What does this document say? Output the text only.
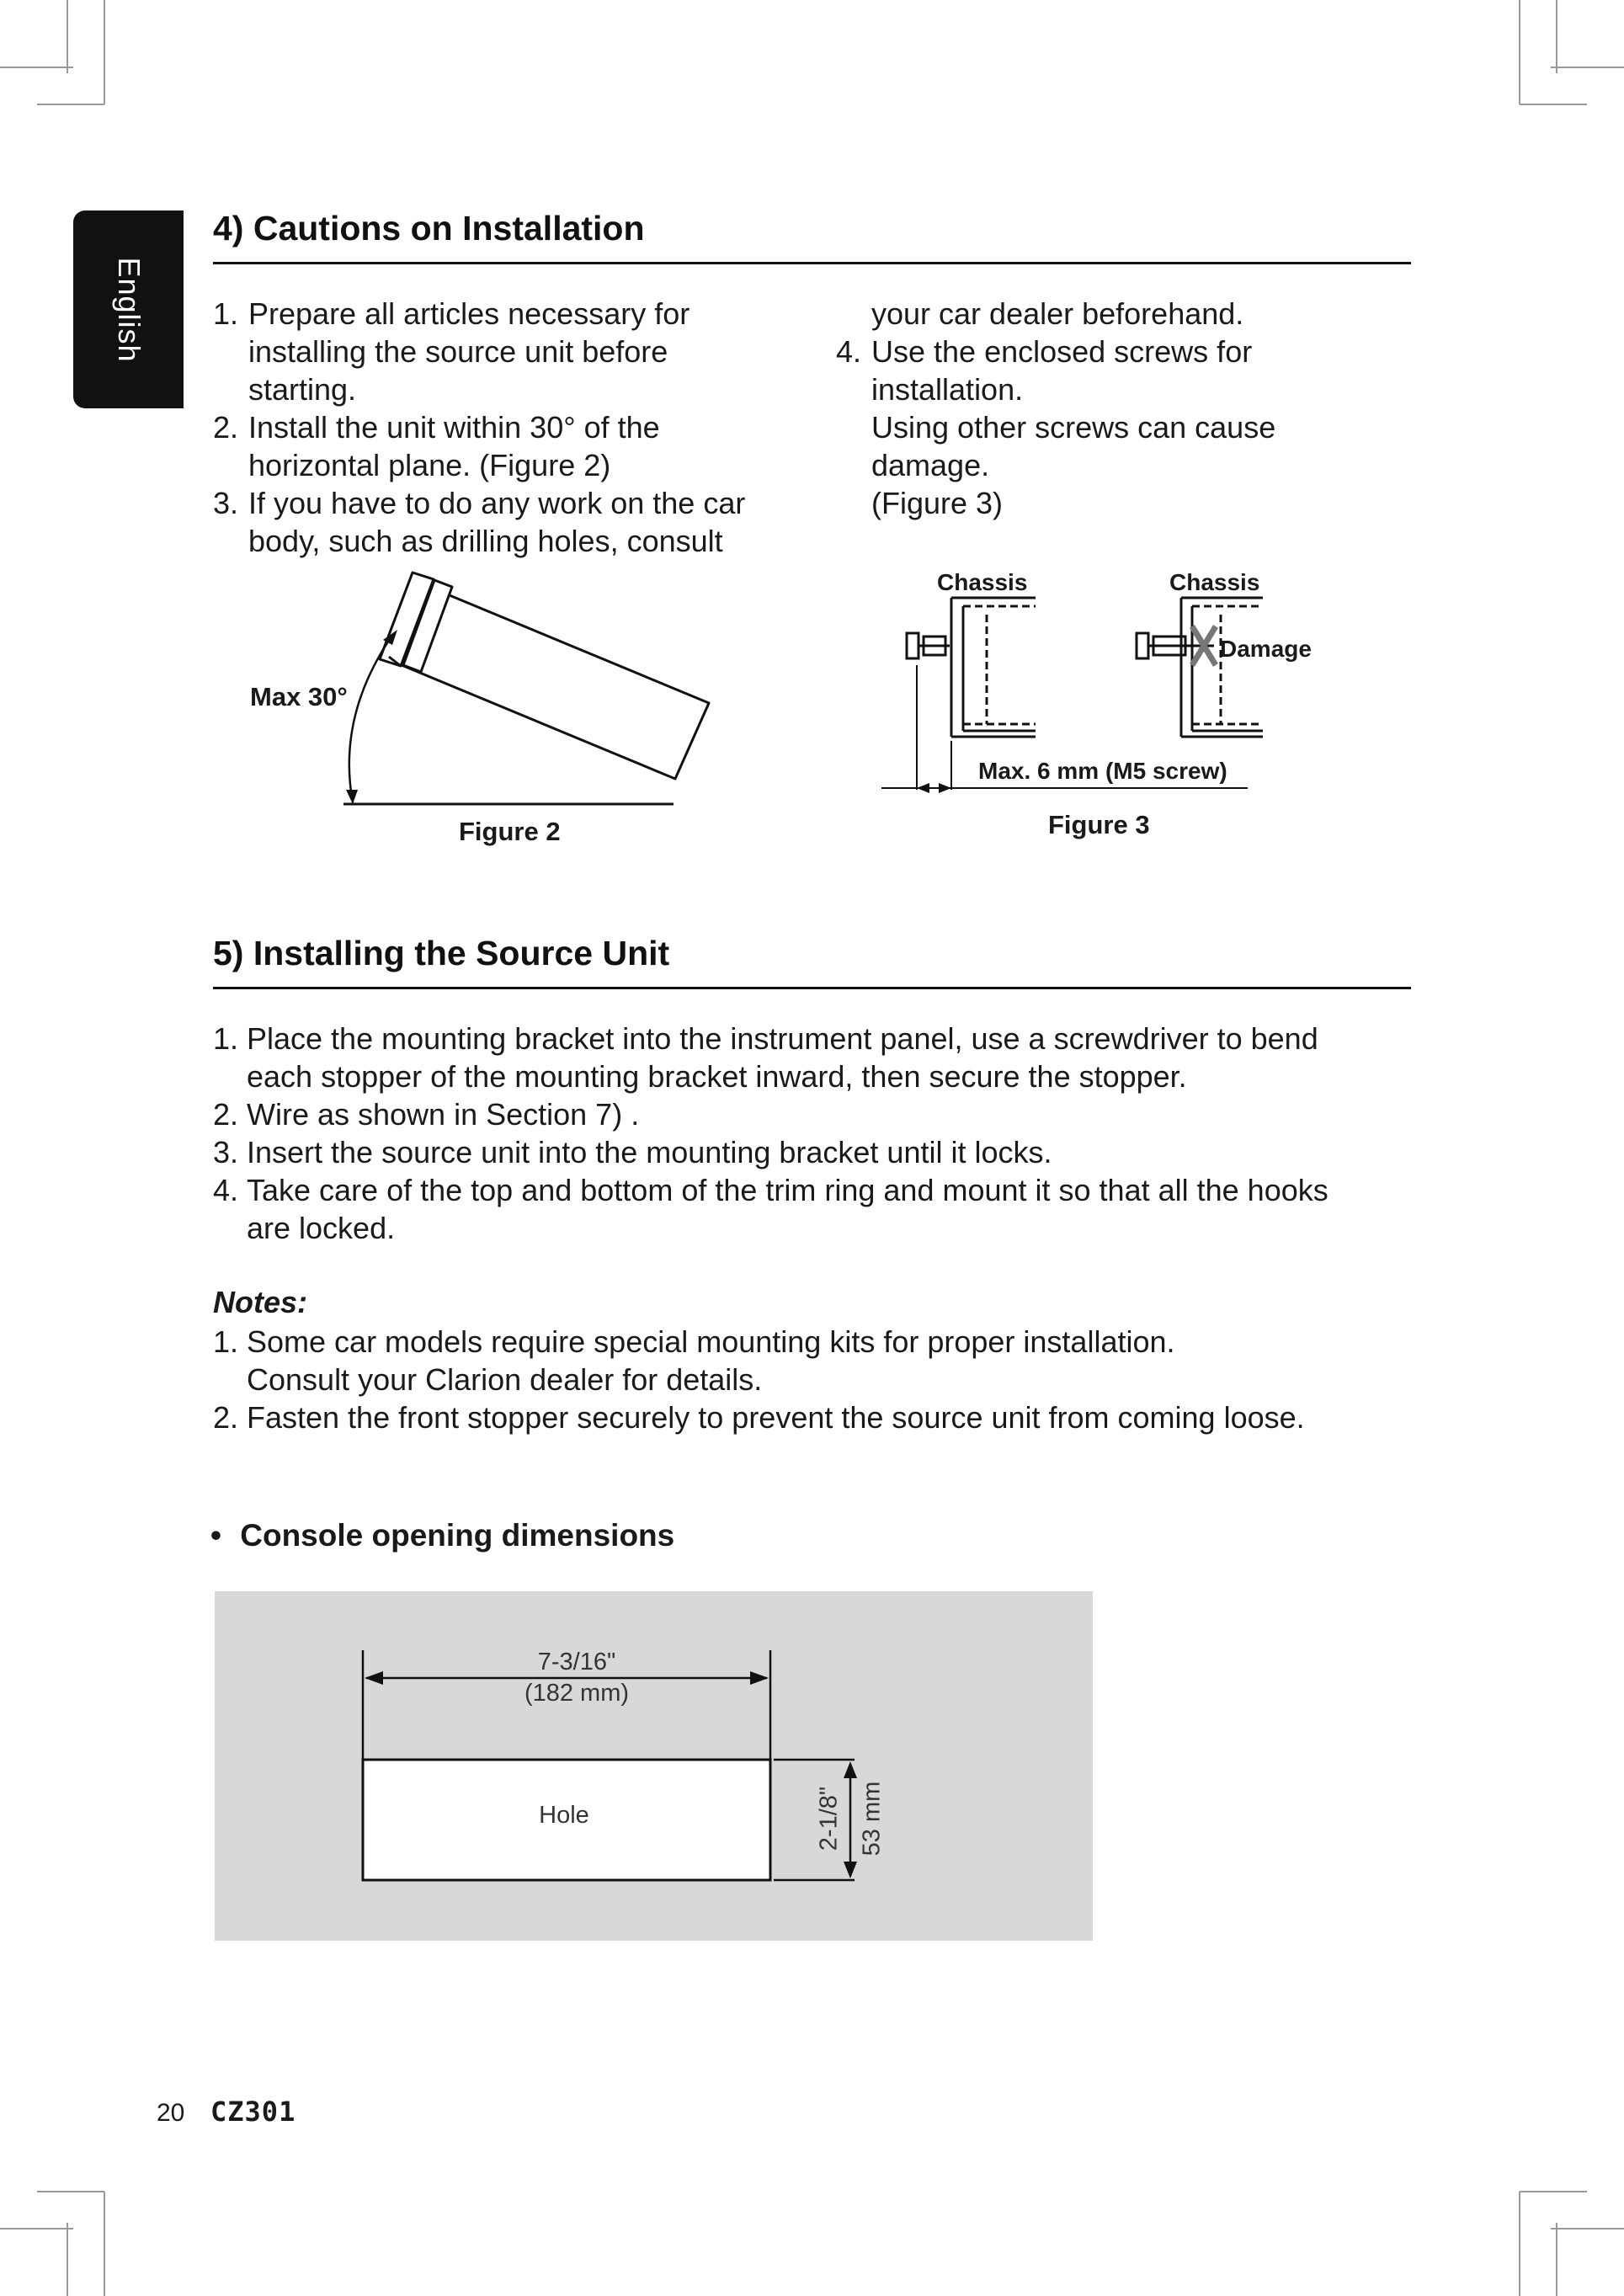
English
4) Cautions on Installation
1. Prepare all articles necessary for
installing the source unit before
starting.
2. Install the unit within 30° of the
horizontal plane. (Figure 2)
3. If you have to do any work on the car
body, such as drilling holes, consult
your car dealer beforehand.
4. Use the enclosed screws for
installation.
Using other screws can cause
damage.
(Figure 3)
Max 30°
Figure 2
Chassis	Chassis
Damage
Max. 6 mm (M5 screw)
Figure 3
5) Installing the Source Unit
1. Place the mounting bracket into the instrument panel, use a screwdriver to bend
each stopper of the mounting bracket inward, then secure the stopper.
2. Wire as shown in Section 7) .
3. Insert the source unit into the mounting bracket until it locks.
4. Take care of the top and bottom of the trim ring and mount it so that all the hooks
are locked.
Notes:
1. Some car models require special mounting kits for proper installation.
Consult your Clarion dealer for details.
2. Fasten the front stopper securely to prevent the source unit from coming loose.
• Console opening dimensions
7-3/16"
(182 mm)
Hole	2-1/8" 53 mm
20 CZ301
